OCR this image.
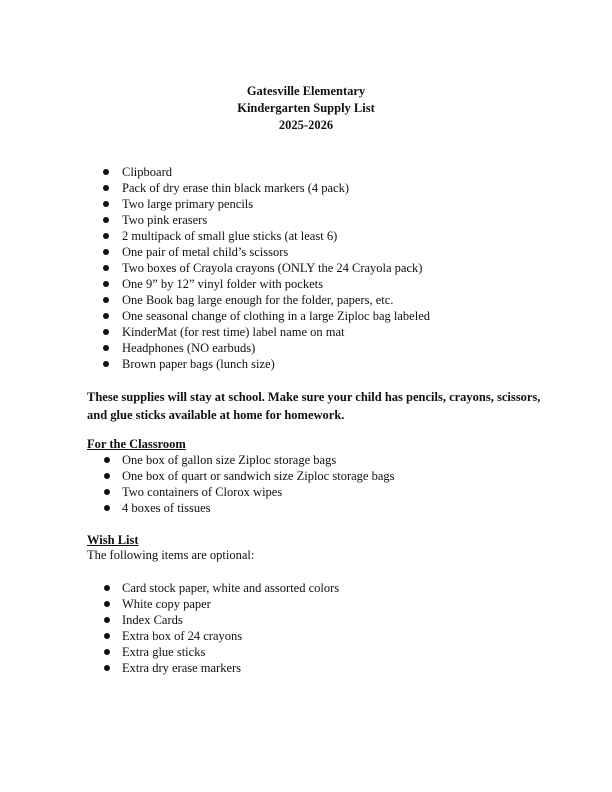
Gatesville Elementary
Kindergarten Supply List
2025-2026
Clipboard
Pack of dry erase thin black markers (4 pack)
Two large primary pencils
Two pink erasers
2 multipack of small glue sticks (at least 6)
One pair of metal child’s scissors
Two boxes of Crayola crayons (ONLY the 24 Crayola pack)
One 9” by 12” vinyl folder with pockets
One Book bag large enough for the folder, papers, etc.
One seasonal change of clothing in a large Ziploc bag labeled
KinderMat (for rest time) label name on mat
Headphones (NO earbuds)
Brown paper bags (lunch size)
These supplies will stay at school. Make sure your child has pencils, crayons, scissors, and glue sticks available at home for homework.
For the Classroom
One box of gallon size Ziploc storage bags
One box of quart or sandwich size Ziploc storage bags
Two containers of Clorox wipes
4 boxes of tissues
Wish List
The following items are optional:
Card stock paper, white and assorted colors
White copy paper
Index Cards
Extra box of 24 crayons
Extra glue sticks
Extra dry erase markers
